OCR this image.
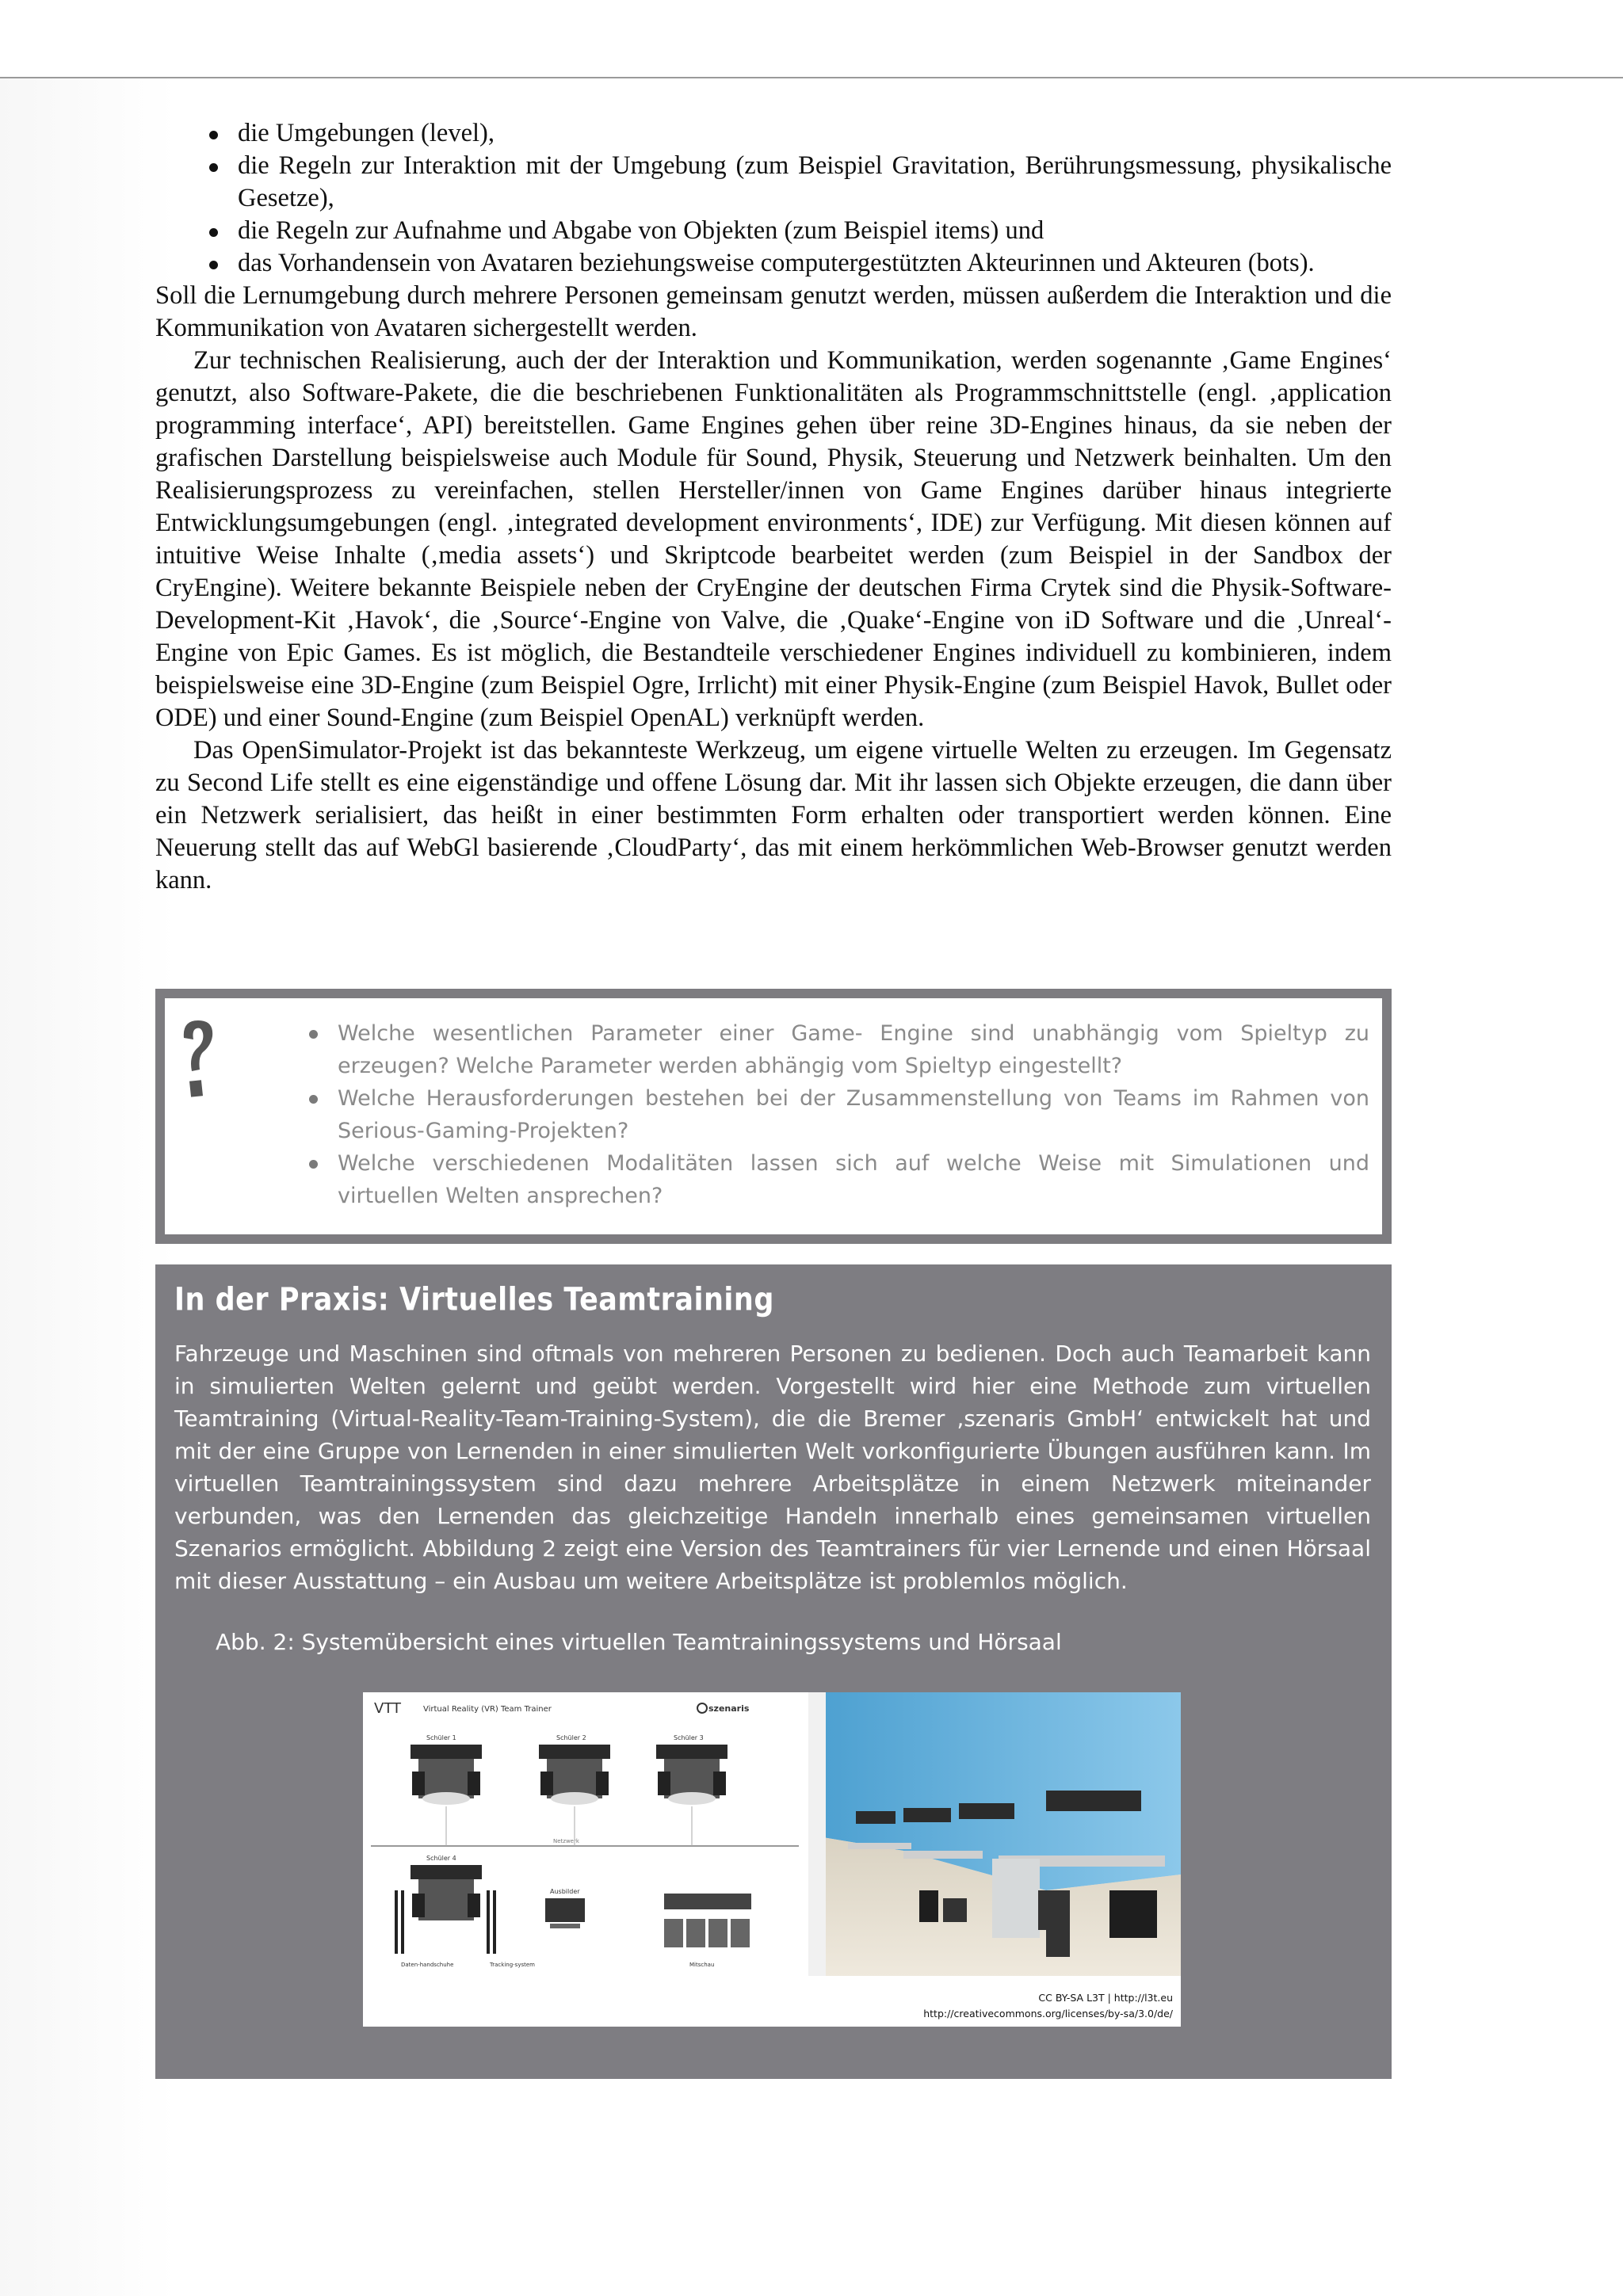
die Umgebungen (level),
die Regeln zur Interaktion mit der Umgebung (zum Beispiel Gravitation, Berührungsmessung, physikalische Gesetze),
die Regeln zur Aufnahme und Abgabe von Objekten (zum Beispiel items) und
das Vorhandensein von Avataren beziehungsweise computergestützten Akteurinnen und Akteuren (bots).

Soll die Lernumgebung durch mehrere Personen gemeinsam genutzt werden, müssen außerdem die Interaktion und die Kommunikation von Avataren sichergestellt werden.

Zur technischen Realisierung, auch der der Interaktion und Kommunikation, werden sogenannte ‚Game Engines‘ genutzt, also Software-Pakete, die die beschriebenen Funktionalitäten als Programmschnittstelle (engl. ‚application programming interface‘, API) bereitstellen. Game Engines gehen über reine 3D-Engines hinaus, da sie neben der grafischen Darstellung beispielsweise auch Module für Sound, Physik, Steuerung und Netzwerk beinhalten. Um den Realisierungsprozess zu vereinfachen, stellen Hersteller/innen von Game Engines darüber hinaus integrierte Entwicklungsumgebungen (engl. ‚integrated development environments‘, IDE) zur Verfügung. Mit diesen können auf intuitive Weise Inhalte (‚media assets‘) und Skriptcode bearbeitet werden (zum Beispiel in der Sandbox der CryEngine). Weitere bekannte Beispiele neben der CryEngine der deutschen Firma Crytek sind die Physik-Software-Development-Kit ‚Havok‘, die ‚Source‘-Engine von Valve, die ‚Quake‘-Engine von iD Software und die ‚Unreal‘-Engine von Epic Games. Es ist möglich, die Bestandteile verschiedener Engines individuell zu kombinieren, indem beispielsweise eine 3D-Engine (zum Beispiel Ogre, Irrlicht) mit einer Physik-Engine (zum Beispiel Havok, Bullet oder ODE) und einer Sound-Engine (zum Beispiel OpenAL) verknüpft werden.

Das OpenSimulator-Projekt ist das bekannteste Werkzeug, um eigene virtuelle Welten zu erzeugen. Im Gegensatz zu Second Life stellt es eine eigenständige und offene Lösung dar. Mit ihr lassen sich Objekte erzeugen, die dann über ein Netzwerk serialisiert, das heißt in einer bestimmten Form erhalten oder transportiert werden können. Eine Neuerung stellt das auf WebGl basierende ‚CloudParty‘, das mit einem herkömmlichen Web-Browser genutzt werden kann.

Welche wesentlichen Parameter einer Game- Engine sind unabhängig vom Spieltyp zu erzeugen? Welche Parameter werden abhängig vom Spieltyp eingestellt?
Welche Herausforderungen bestehen bei der Zusammenstellung von Teams im Rahmen von Serious-Gaming-Projekten?
Welche verschiedenen Modalitäten lassen sich auf welche Weise mit Simulationen und virtuellen Welten ansprechen?
In der Praxis: Virtuelles Teamtraining

Fahrzeuge und Maschinen sind oftmals von mehreren Personen zu bedienen. Doch auch Teamarbeit kann in simulierten Welten gelernt und geübt werden. Vorgestellt wird hier eine Methode zum virtuellen Teamtraining (Virtual-Reality-Team-Training-System), die die Bremer ‚szenaris GmbH‘ entwickelt hat und mit der eine Gruppe von Lernenden in einer simulierten Welt vorkonfigurierte Übungen ausführen kann. Im virtuellen Teamtrainingssystem sind dazu mehrere Arbeitsplätze in einem Netzwerk miteinander verbunden, was den Lernenden das gleichzeitige Handeln innerhalb eines gemeinsamen virtuellen Szenarios ermöglicht. Abbildung 2 zeigt eine Version des Teamtrainers für vier Lernende und einen Hörsaal mit dieser Ausstattung – ein Ausbau um weitere Arbeitsplätze ist problemlos möglich.

Abb. 2: Systemübersicht eines virtuellen Teamtrainingssystems und Hörsaal

VTT	Virtual Reality (VR) Team Trainer	szenaris
Schüler 1	Schüler 2	Schüler 3
Netzwerk
Schüler 4
Daten-handschuhe	Tracking-system
Ausbilder
Mitschau
CC BY-SA L3T | http://l3t.eu
http://creativecommons.org/licenses/by-sa/3.0/de/
